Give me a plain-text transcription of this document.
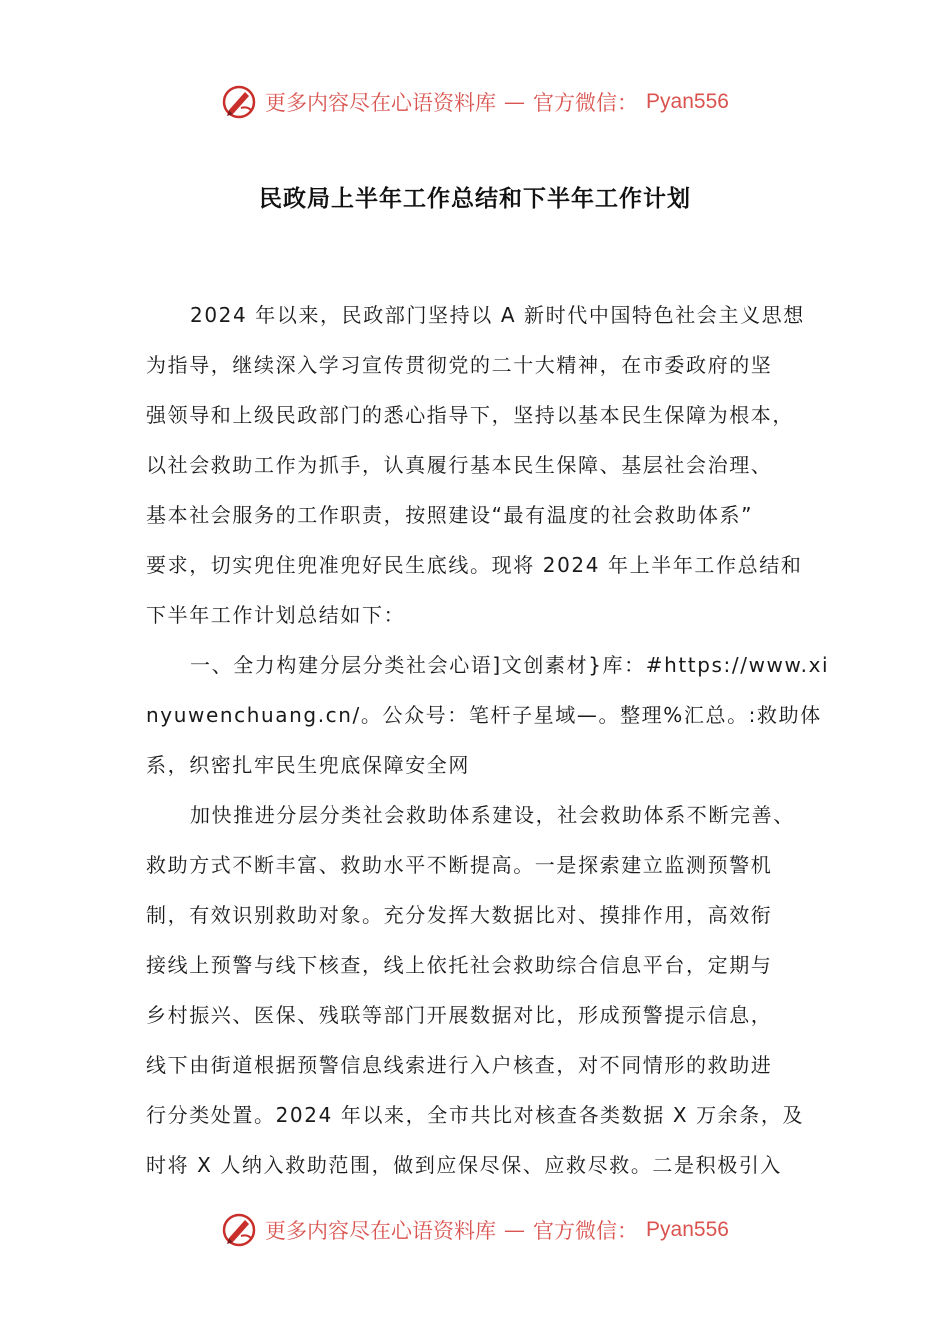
更多内容尽在心语资料库 — 官方微信： Pyan556
民政局上半年工作总结和下半年工作计划
2024 年以来，民政部门坚持以 A 新时代中国特色社会主义思想
为指导，继续深入学习宣传贯彻党的二十大精神，在市委政府的坚
强领导和上级民政部门的悉心指导下，坚持以基本民生保障为根本，
以社会救助工作为抓手，认真履行基本民生保障、基层社会治理、
基本社会服务的工作职责，按照建设“最有温度的社会救助体系”
要求，切实兜住兜准兜好民生底线。现将 2024 年上半年工作总结和
下半年工作计划总结如下：
一、全力构建分层分类社会心语]文创素材}库：#https://www.xi
nyuwenchuang.cn/。公众号：笔杆子星域—。整理%汇总。:救助体
系，织密扎牢民生兜底保障安全网
加快推进分层分类社会救助体系建设，社会救助体系不断完善、
救助方式不断丰富、救助水平不断提高。一是探索建立监测预警机
制，有效识别救助对象。充分发挥大数据比对、摸排作用，高效衔
接线上预警与线下核查，线上依托社会救助综合信息平台，定期与
乡村振兴、医保、残联等部门开展数据对比，形成预警提示信息，
线下由街道根据预警信息线索进行入户核查，对不同情形的救助进
行分类处置。2024 年以来，全市共比对核查各类数据 X 万余条，及
时将 X 人纳入救助范围，做到应保尽保、应救尽救。二是积极引入
更多内容尽在心语资料库 — 官方微信： Pyan556
